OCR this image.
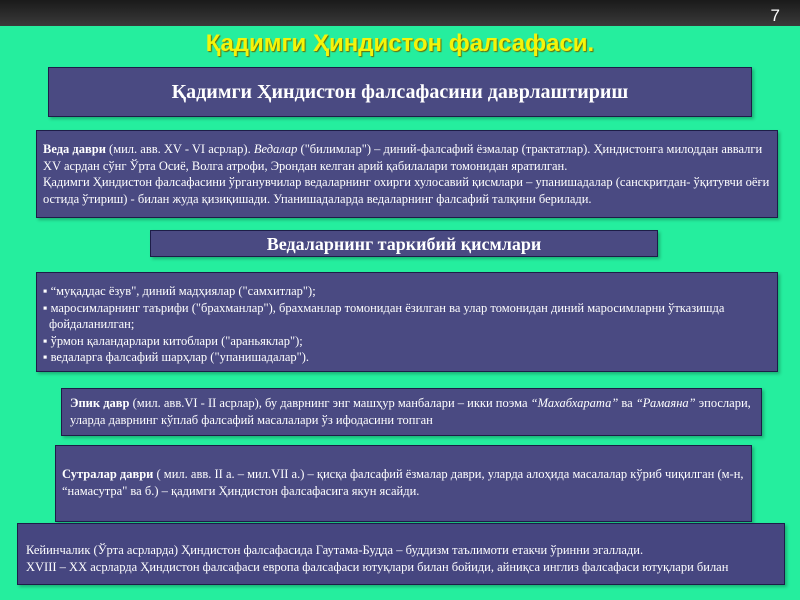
7
Қадимги Ҳиндистон фалсафаси.
Қадимги Ҳиндистон фалсафасини даврлаштириш
Веда даври (мил. авв. XV - VI асрлар). Ведалар ("билимлар") – диний-фалсафий ёзмалар (трактатлар). Ҳиндистонга милоддан аввалги XV асрдан сўнг Ўрта Осиё, Волга атрофи, Эрондан келган арий қабилалари томонидан яратилган.
Қадимги Ҳиндистон фалсафасини ўрганувчилар ведаларнинг охирги хулосавий қисмлари – упанишадалар (санскритдан- ўқитувчи оёғи остида ўтириш) - билан жуда қизиқишади. Упанишадаларда ведаларнинг фалсафий талқини берилади.
Ведаларнинг таркибий қисмлари
▪ “муқаддас ёзув", диний мадҳиялар ("самхитлар");
▪ маросимларнинг таърифи ("брахманлар"), брахманлар томонидан ёзилган ва улар томонидан диний маросимларни ўтказишда
фойдаланилган;
▪ ўрмон қаландарлари китоблари ("араньяклар");
▪ ведаларга фалсафий шарҳлар ("упанишадалар").
Эпик давр (мил. авв.VI - II асрлар), бу даврнинг энг машҳур манбалари – икки поэма “Махабхарата” ва “Рамаяна” эпослари, уларда даврнинг кўплаб фалсафий масалалари ўз ифодасини топган
Сутралар даври ( мил. авв. II а. – мил.VII а.) – қисқа фалсафий ёзмалар даври, уларда алоҳида масалалар кўриб чиқилган (м-н, “намасутра" ва б.) – қадимги Ҳиндистон фалсафасига якун ясайди.
Кейинчалик (Ўрта асрларда) Ҳиндистон фалсафасида Гаутама-Будда – буддизм таълимоти етакчи ўринни эгаллади.
XVIII – XX асрларда Ҳиндистон фалсафаси европа фалсафаси ютуқлари билан бойиди, айниқса инглиз фалсафаси ютуқлари билан
